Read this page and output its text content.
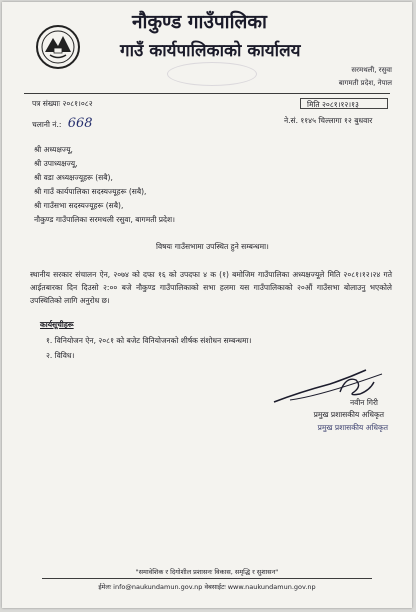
नौकुण्ड गाउँपालिका
गाउँ कार्यपालिकाको कार्यालय
सरमथली, रसुवा
बागमती प्रदेश, नेपाल
पत्र संख्याः २०८१।०८२	मिति २०८१।१२।१३
चलानी नं.: 668	ने.सं. ११४५ चिल्लागा १२ बुधवार
श्री अध्यक्षज्यू,
श्री उपाध्यक्षज्यू,
श्री वडा अध्यक्षज्यूहरू (सबै),
श्री गाउँ कार्यपालिका सदस्यज्यूहरू (सबै),
श्री गाउँसभा सदस्यज्यूहरू (सबै),
नौकुण्ड गाउँपालिका सरमथली रसुवा, बागमती प्रदेश।
विषयः गाउँसभामा उपस्थित हुने सम्बन्धमा।
स्थानीय सरकार संचालन ऐन, २०७४ को दफा १६ को उपदफा ४ क (१) बमोजिम गाउँपालिका अध्यक्षज्यूले मिति २०८१।१२।२४ गते आईतबारका दिन दिउसो २:०० बजे नौकुण्ड गाउँपालिकाको सभा हलमा यस गाउँपालिकाको २०औं गाउँसभा बोलाउनु भएकोले उपस्थितिको लागि अनुरोध छ।
कार्यसूचीहरू
१. विनियोजन ऐन, २०८१ को बजेट विनियोजनको शीर्षक संशोधन सम्बन्धमा।
२. विविध।
नवीन गिरी
प्रमुख प्रशासकीय अधिकृत
प्रमुख प्रशासकीय अधिकृत
"समावेशिक र दिगोशील प्रशासनः विकास, समृद्धि र सुशासन"
ईमेलः info@naukundamun.gov.np वेबसाईटः www.naukundamun.gov.np
